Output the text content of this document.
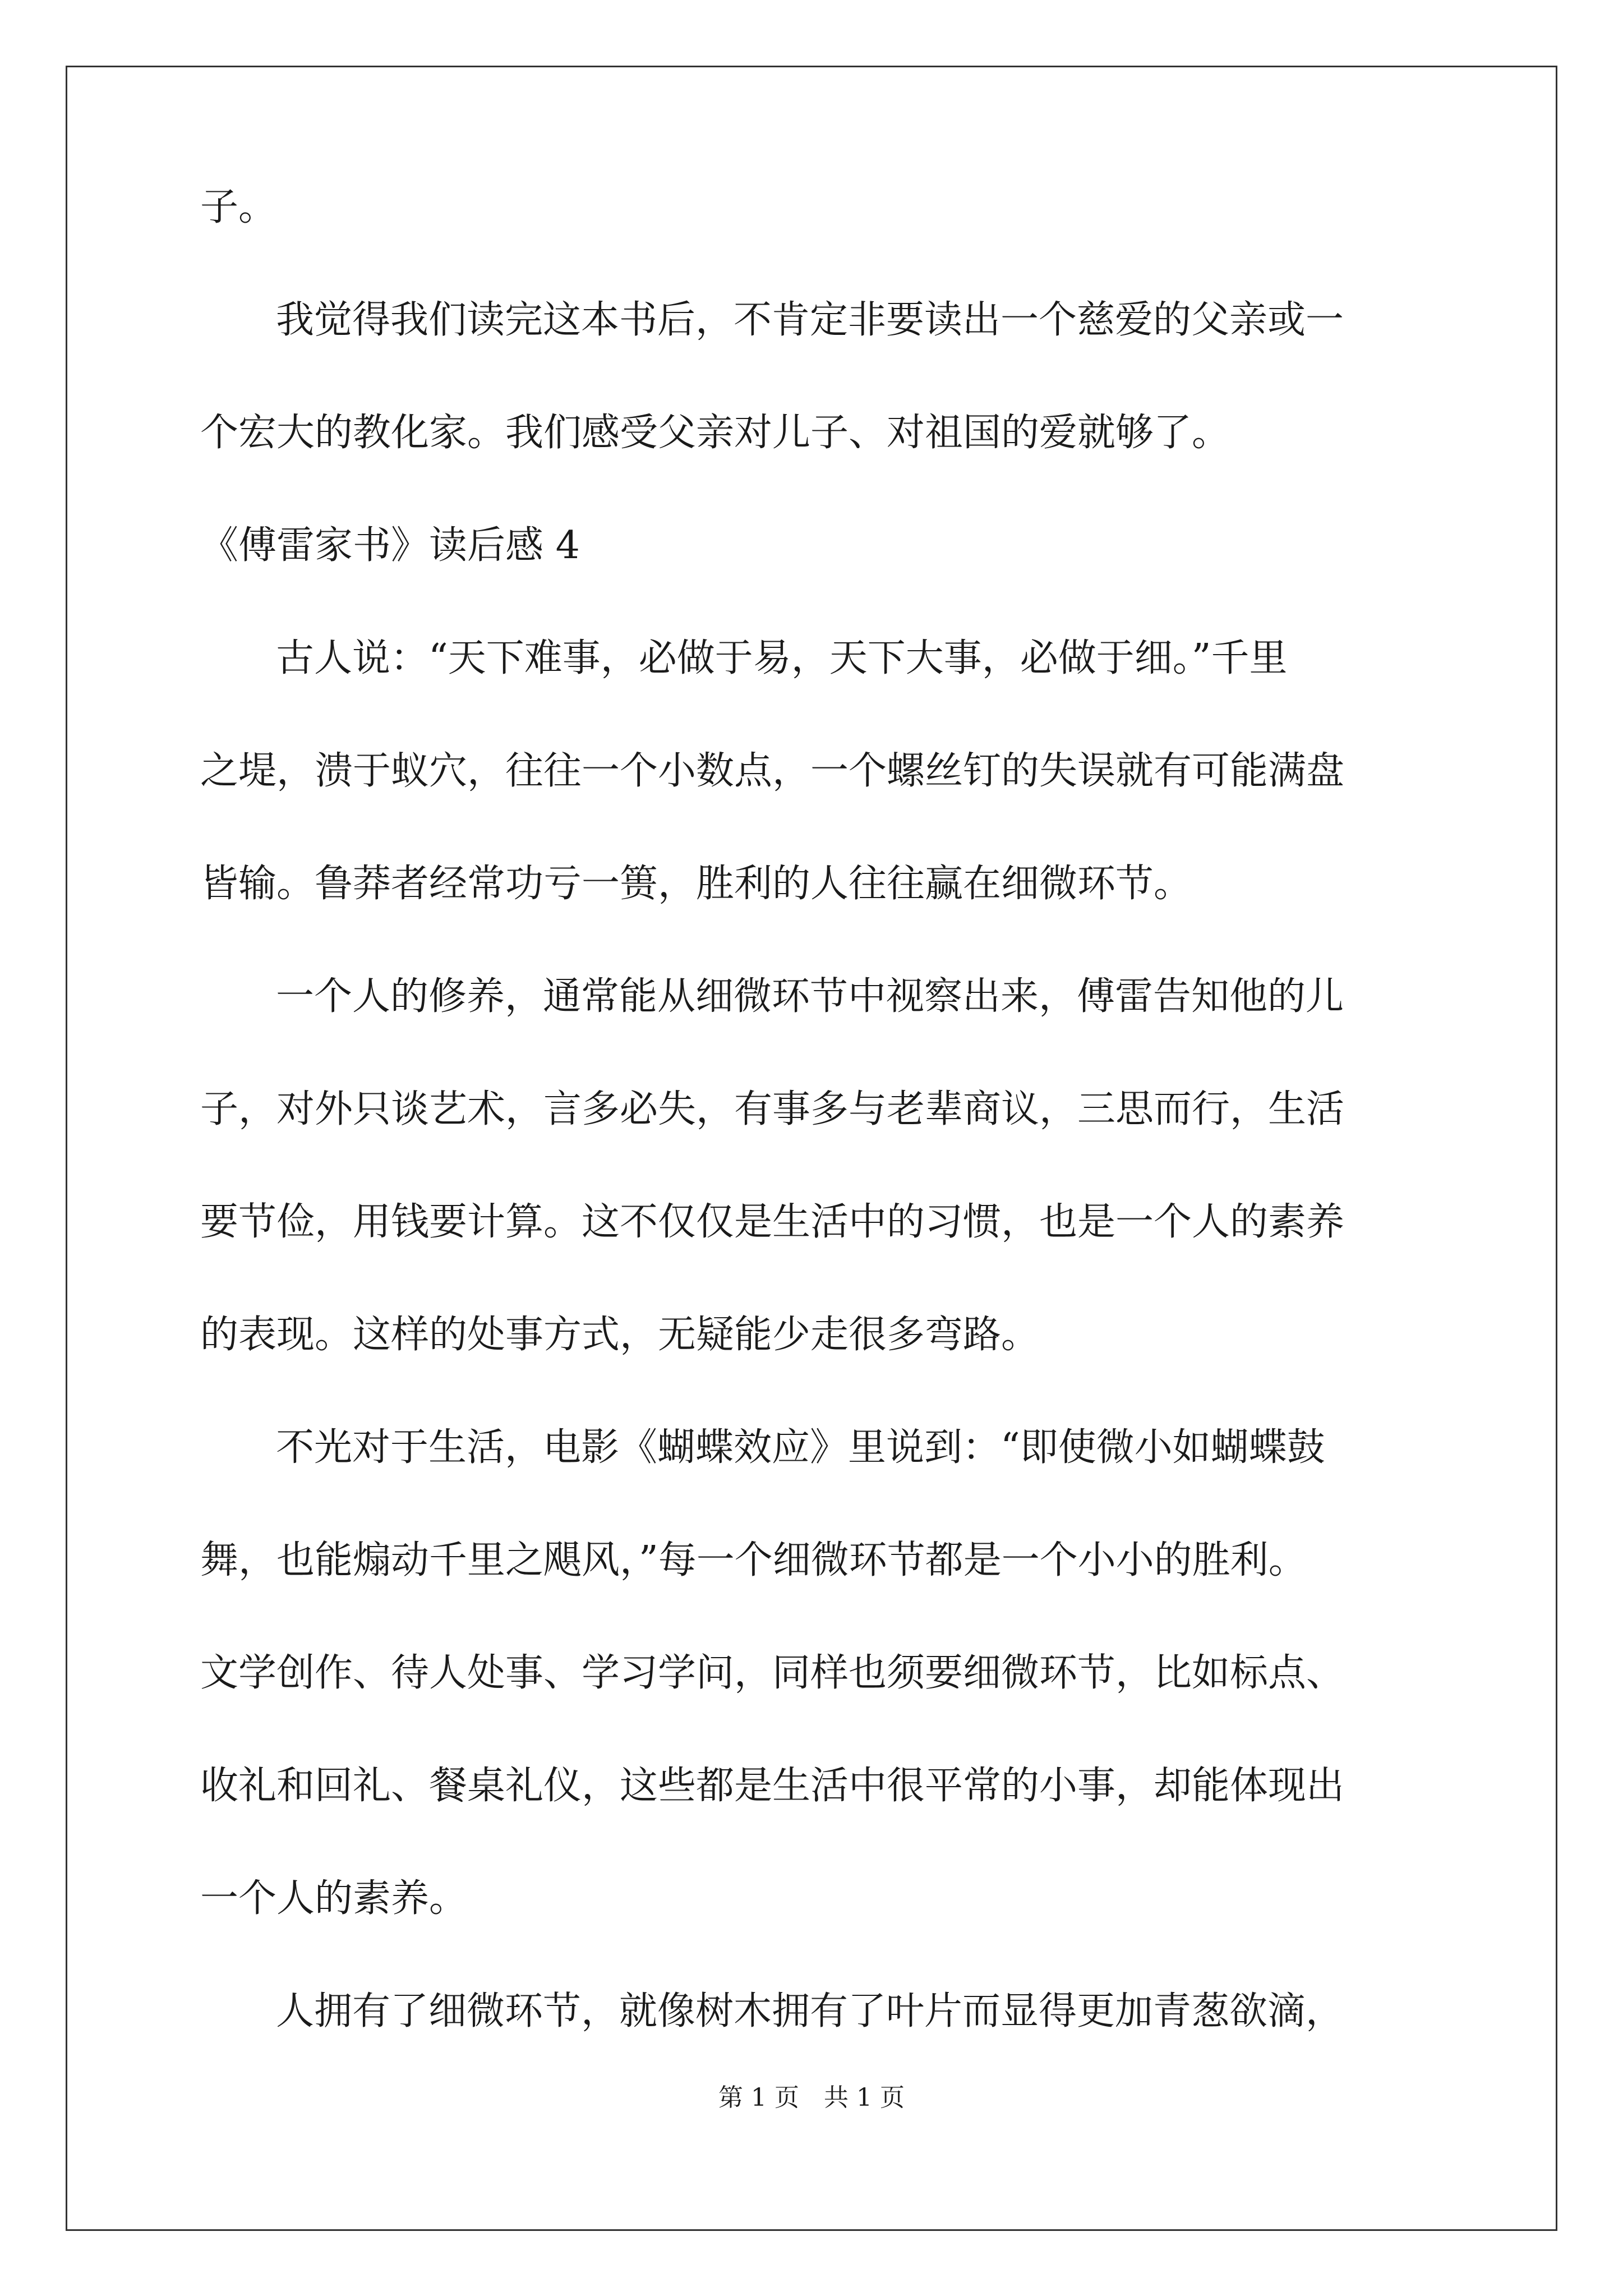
子。
我觉得我们读完这本书后，不肯定非要读出一个慈爱的父亲或一
个宏大的教化家。我们感受父亲对儿子、对祖国的爱就够了。
《傅雷家书》读后感 4
古人说：“天下难事，必做于易，天下大事，必做于细。”千里
之堤，溃于蚁穴，往往一个小数点，一个螺丝钉的失误就有可能满盘
皆输。鲁莽者经常功亏一篑，胜利的人往往赢在细微环节。
一个人的修养，通常能从细微环节中视察出来，傅雷告知他的儿
子，对外只谈艺术，言多必失，有事多与老辈商议，三思而行，生活
要节俭，用钱要计算。这不仅仅是生活中的习惯，也是一个人的素养
的表现。这样的处事方式，无疑能少走很多弯路。
不光对于生活，电影《蝴蝶效应》里说到：“即使微小如蝴蝶鼓
舞，也能煽动千里之飓风，”每一个细微环节都是一个小小的胜利。
文学创作、待人处事、学习学问，同样也须要细微环节，比如标点、
收礼和回礼、餐桌礼仪，这些都是生活中很平常的小事，却能体现出
一个人的素养。
人拥有了细微环节，就像树木拥有了叶片而显得更加青葱欲滴，
第 1 页　共 1 页
